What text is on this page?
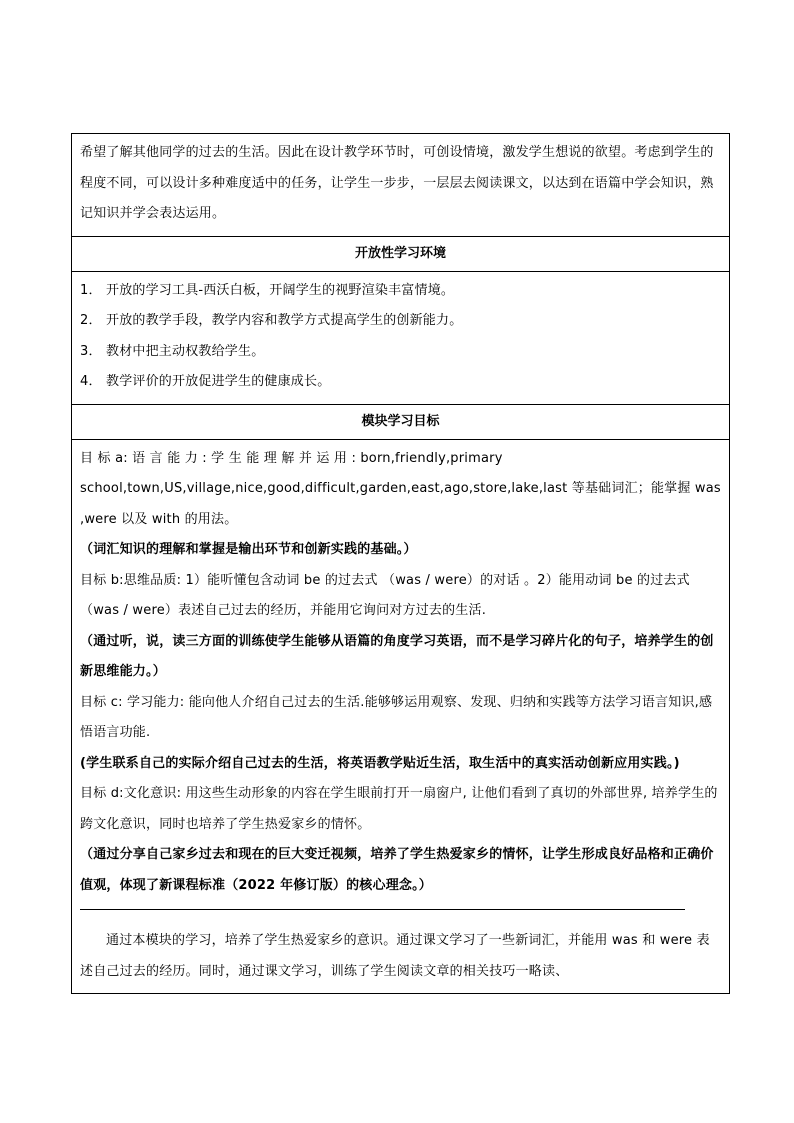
希望了解其他同学的过去的生活。因此在设计教学环节时，可创设情境，激发学生想说的欲望。考虑到学生的程度不同，可以设计多种难度适中的任务，让学生一步步，一层层去阅读课文，以达到在语篇中学会知识，熟记知识并学会表达运用。
开放性学习环境

1． 开放的学习工具-西沃白板，开阔学生的视野渲染丰富情境。

2． 开放的教学手段，教学内容和教学方式提高学生的创新能力。

3． 教材中把主动权教给学生。

4． 教学评价的开放促进学生的健康成长。

模块学习目标

目 标 a: 语 言 能 力 : 学 生 能 理 解 并 运 用 : born,friendly,primary school,town,US,village,nice,good,difficult,garden,east,ago,store,lake,last 等基础词汇；能掌握 was ,were 以及 with 的用法。

（词汇知识的理解和掌握是输出环节和创新实践的基础。）

目标 b:思维品质: 1）能听懂包含动词 be 的过去式 （was / were）的对话 。2）能用动词 be 的过去式 （was / were）表述自己过去的经历，并能用它询问对方过去的生活.

（通过听，说，读三方面的训练使学生能够从语篇的角度学习英语，而不是学习碎片化的句子，培养学生的创新思维能力。）

目标 c: 学习能力: 能向他人介绍自己过去的生活.能够够运用观察、发现、归纳和实践等方法学习语言知识,感悟语言功能.

(学生联系自己的实际介绍自己过去的生活，将英语教学贴近生活，取生活中的真实活动创新应用实践。)

目标 d:文化意识: 用这些生动形象的内容在学生眼前打开一扇窗户, 让他们看到了真切的外部世界, 培养学生的跨文化意识，同时也培养了学生热爱家乡的情怀。

（通过分享自己家乡过去和现在的巨大变迁视频，培养了学生热爱家乡的情怀，让学生形成良好品格和正确价值观，体现了新课程标准（2022 年修订版）的核心理念。）

通过本模块的学习，培养了学生热爱家乡的意识。通过课文学习了一些新词汇，并能用 was 和 were 表述自己过去的经历。同时，通过课文学习，训练了学生阅读文章的相关技巧一略读、
